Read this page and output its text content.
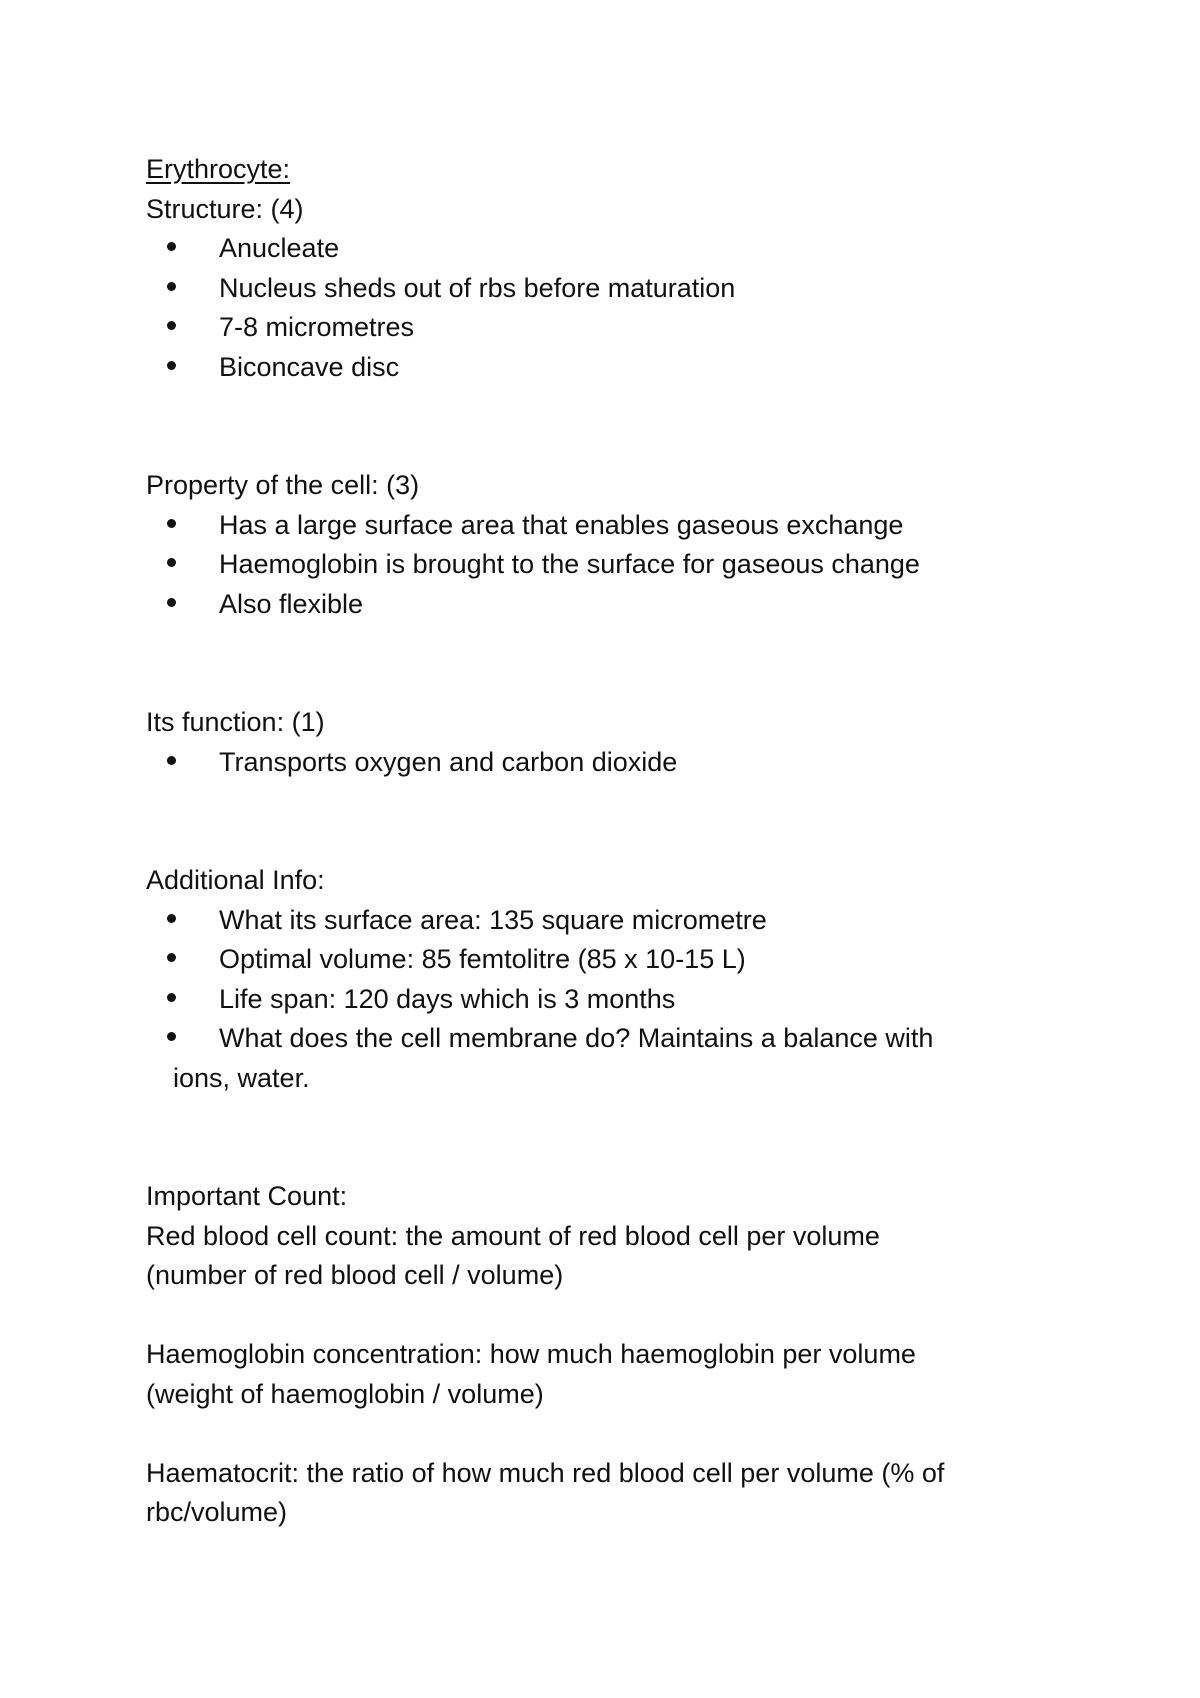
Erythrocyte:

Structure: (4)

Anucleate
Nucleus sheds out of rbs before maturation
7-8 micrometres
Biconcave disc

Property of the cell: (3)

Has a large surface area that enables gaseous exchange
Haemoglobin is brought to the surface for gaseous change
Also flexible

Its function: (1)

Transports oxygen and carbon dioxide

Additional Info:

What its surface area: 135 square micrometre
Optimal volume: 85 femtolitre (85 x 10-15 L)
Life span: 120 days which is 3 months
What does the cell membrane do? Maintains a balance with
ions, water.

Important Count:

Red blood cell count: the amount of red blood cell per volume

(number of red blood cell / volume)

Haemoglobin concentration: how much haemoglobin per volume

(weight of haemoglobin / volume)

Haematocrit: the ratio of how much red blood cell per volume (% of

rbc/volume)
